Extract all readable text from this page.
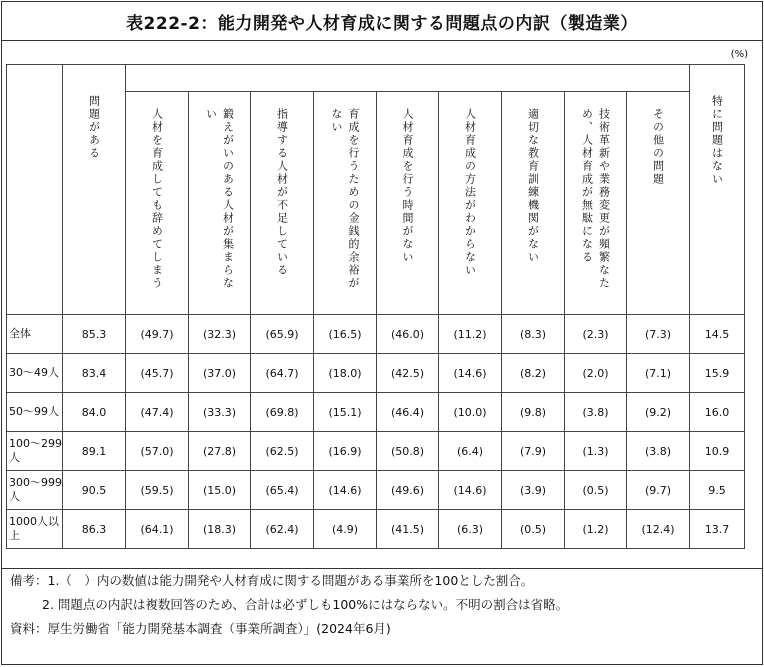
表222-2：能力開発や人材育成に関する問題点の内訳（製造業）
(%)
	問題がある										特に問題はない
		人材を育成しても辞めてしまう	鍛えがいのある人材が集まらない	指導する人材が不足している	育成を行うための金銭的余裕がない	人材育成を行う時間がない	人材育成の方法がわからない	適切な教育訓練機関がない	技術革新や業務変更が頻繁なため、人材育成が無駄になる	その他の問題	
全体	85.3	(49.7)	(32.3)	(65.9)	(16.5)	(46.0)	(11.2)	(8.3)	(2.3)	(7.3)	14.5
30〜49人	83.4	(45.7)	(37.0)	(64.7)	(18.0)	(42.5)	(14.6)	(8.2)	(2.0)	(7.1)	15.9
50〜99人	84.0	(47.4)	(33.3)	(69.8)	(15.1)	(46.4)	(10.0)	(9.8)	(3.8)	(9.2)	16.0
100〜299人	89.1	(57.0)	(27.8)	(62.5)	(16.9)	(50.8)	(6.4)	(7.9)	(1.3)	(3.8)	10.9
300〜999人	90.5	(59.5)	(15.0)	(65.4)	(14.6)	(49.6)	(14.6)	(3.9)	(0.5)	(9.7)	9.5
1000人以上	86.3	(64.1)	(18.3)	(62.4)	(4.9)	(41.5)	(6.3)	(0.5)	(1.2)	(12.4)	13.7
備考：1.（　）内の数値は能力開発や人材育成に関する問題がある事業所を100とした割合。
2. 問題点の内訳は複数回答のため、合計は必ずしも100%にはならない。不明の割合は省略。
資料：厚生労働省「能力開発基本調査（事業所調査）」(2024年6月)
